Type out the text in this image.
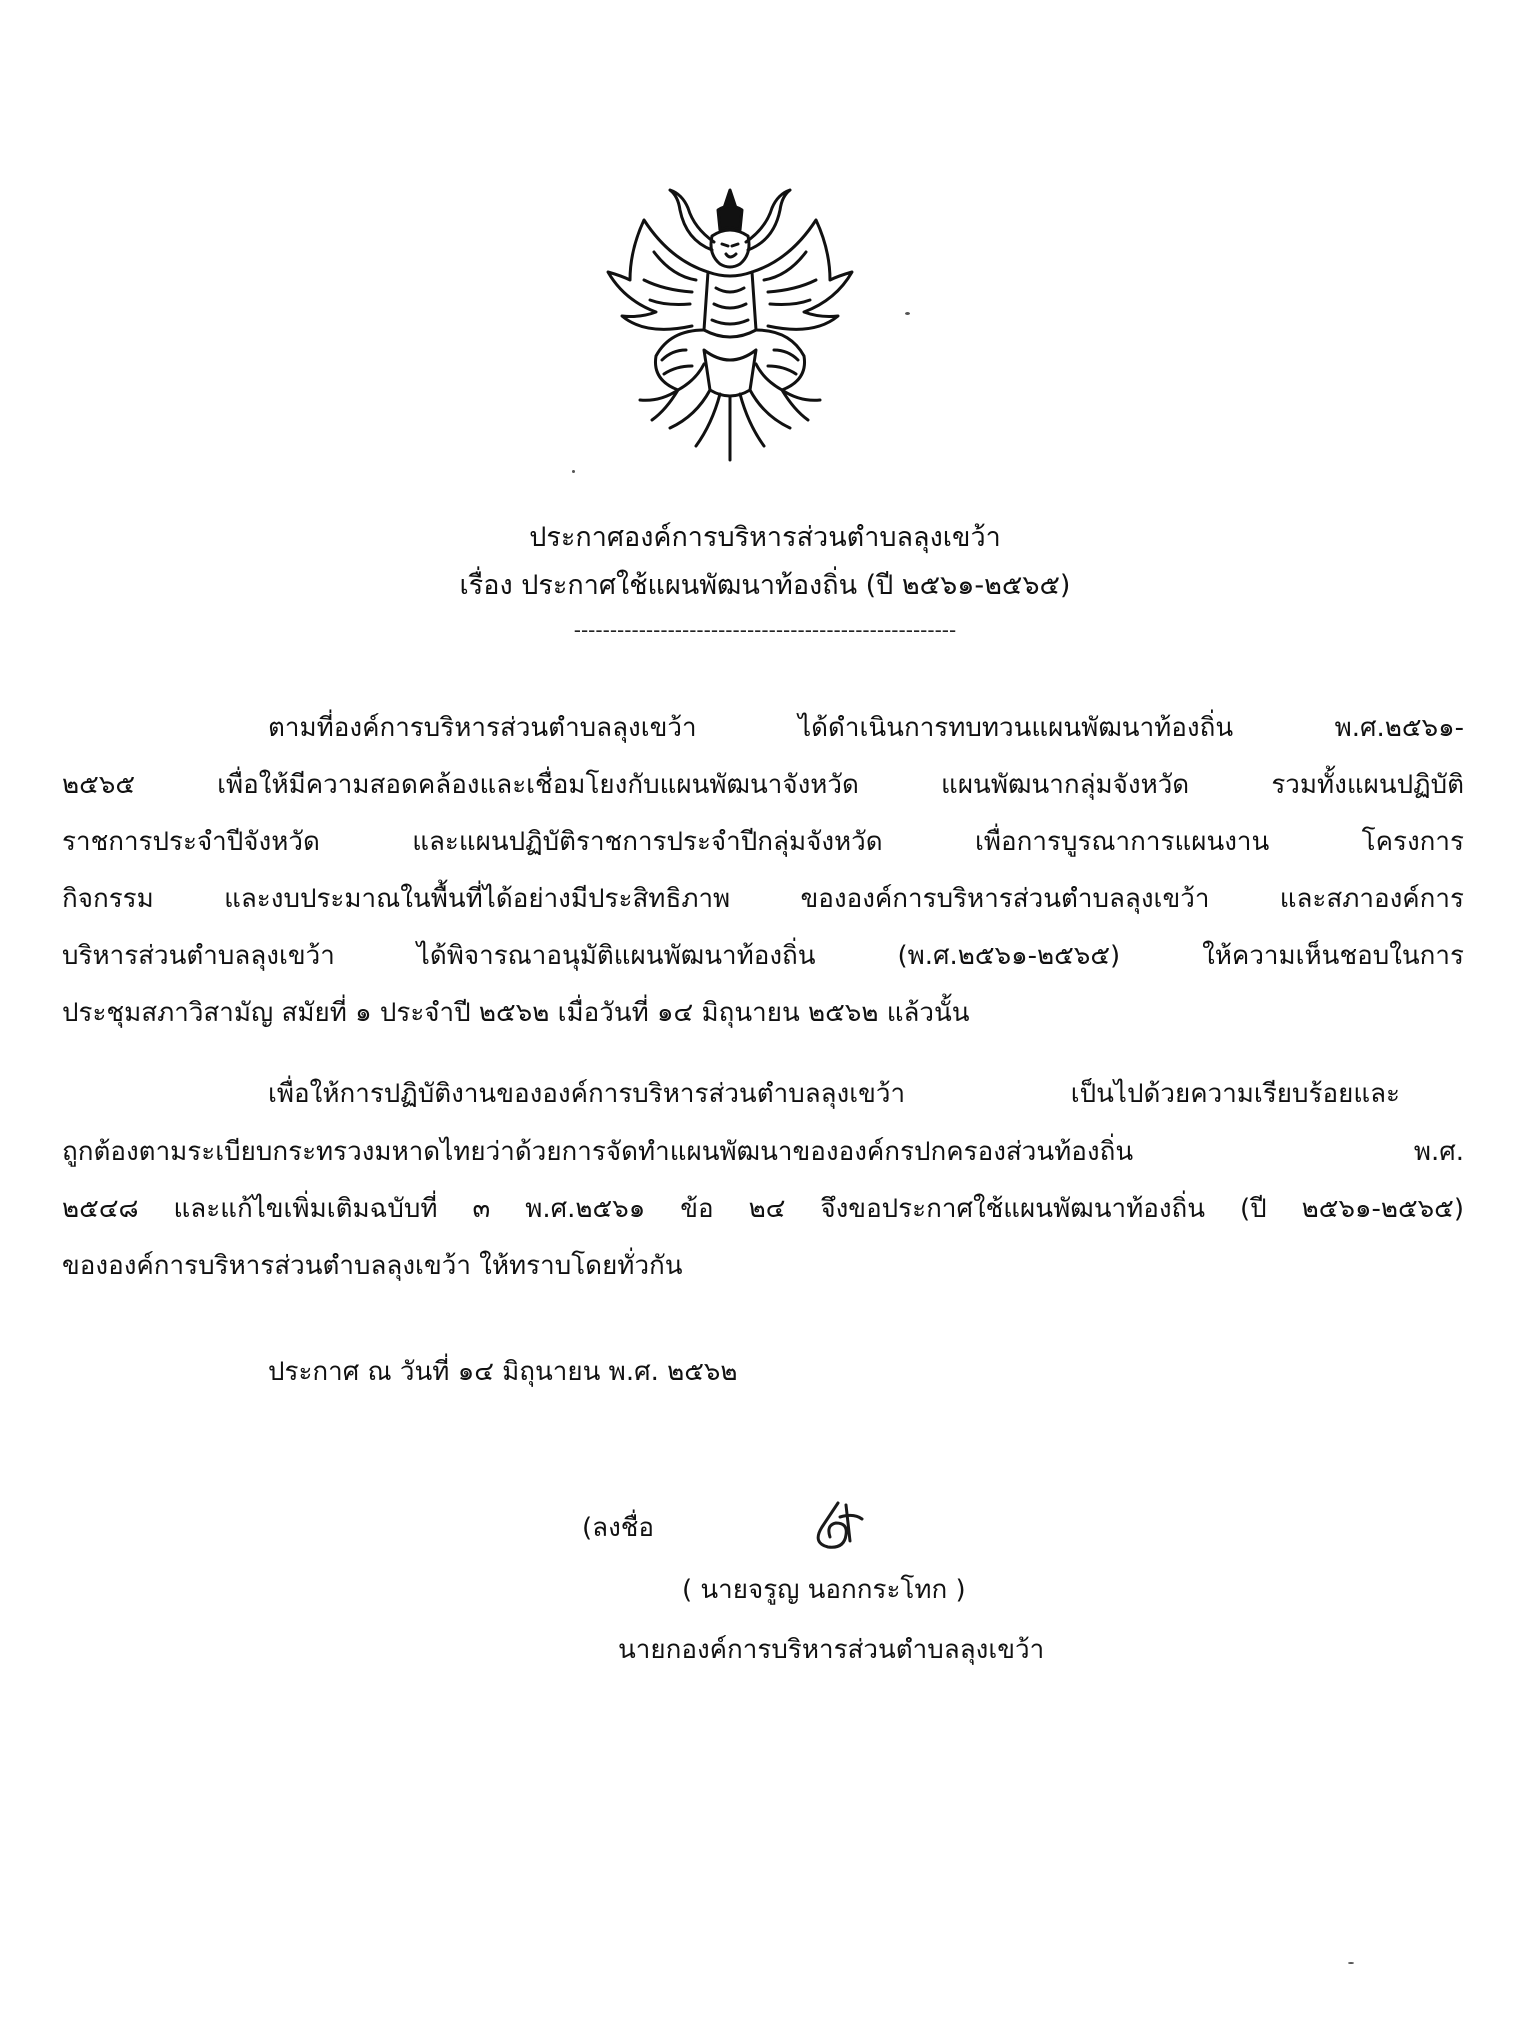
ประกาศองค์การบริหารส่วนตำบลลุงเขว้า
เรื่อง ประกาศใช้แผนพัฒนาท้องถิ่น (ปี ๒๕๖๑-๒๕๖๕)
-----------------------------------------------------
ตามที่องค์การบริหารส่วนตำบลลุงเขว้า ได้ดำเนินการทบทวนแผนพัฒนาท้องถิ่น พ.ศ.๒๕๖๑-
๒๕๖๕ เพื่อให้มีความสอดคล้องและเชื่อมโยงกับแผนพัฒนาจังหวัด แผนพัฒนากลุ่มจังหวัด รวมทั้งแผนปฏิบัติ
ราชการประจำปีจังหวัด และแผนปฏิบัติราชการประจำปีกลุ่มจังหวัด เพื่อการบูรณาการแผนงาน โครงการ
กิจกรรม และงบประมาณในพื้นที่ได้อย่างมีประสิทธิภาพ ขององค์การบริหารส่วนตำบลลุงเขว้า และสภาองค์การ
บริหารส่วนตำบลลุงเขว้า ได้พิจารณาอนุมัติแผนพัฒนาท้องถิ่น (พ.ศ.๒๕๖๑-๒๕๖๕) ให้ความเห็นชอบในการ
ประชุมสภาวิสามัญ สมัยที่ ๑ ประจำปี ๒๕๖๒ เมื่อวันที่ ๑๔ มิถุนายน ๒๕๖๒ แล้วนั้น
เพื่อให้การปฏิบัติงานขององค์การบริหารส่วนตำบลลุงเขว้า เป็นไปด้วยความเรียบร้อยและ
ถูกต้องตามระเบียบกระทรวงมหาดไทยว่าด้วยการจัดทำแผนพัฒนาขององค์กรปกครองส่วนท้องถิ่น พ.ศ.
๒๕๔๘ และแก้ไขเพิ่มเติมฉบับที่ ๓ พ.ศ.๒๕๖๑ ข้อ ๒๔ จึงขอประกาศใช้แผนพัฒนาท้องถิ่น (ปี ๒๕๖๑-๒๕๖๕)
ขององค์การบริหารส่วนตำบลลุงเขว้า ให้ทราบโดยทั่วกัน
ประกาศ ณ วันที่ ๑๔ มิถุนายน พ.ศ. ๒๕๖๒
(ลงชื่อ
( นายจรูญ นอกกระโทก )
นายกองค์การบริหารส่วนตำบลลุงเขว้า
